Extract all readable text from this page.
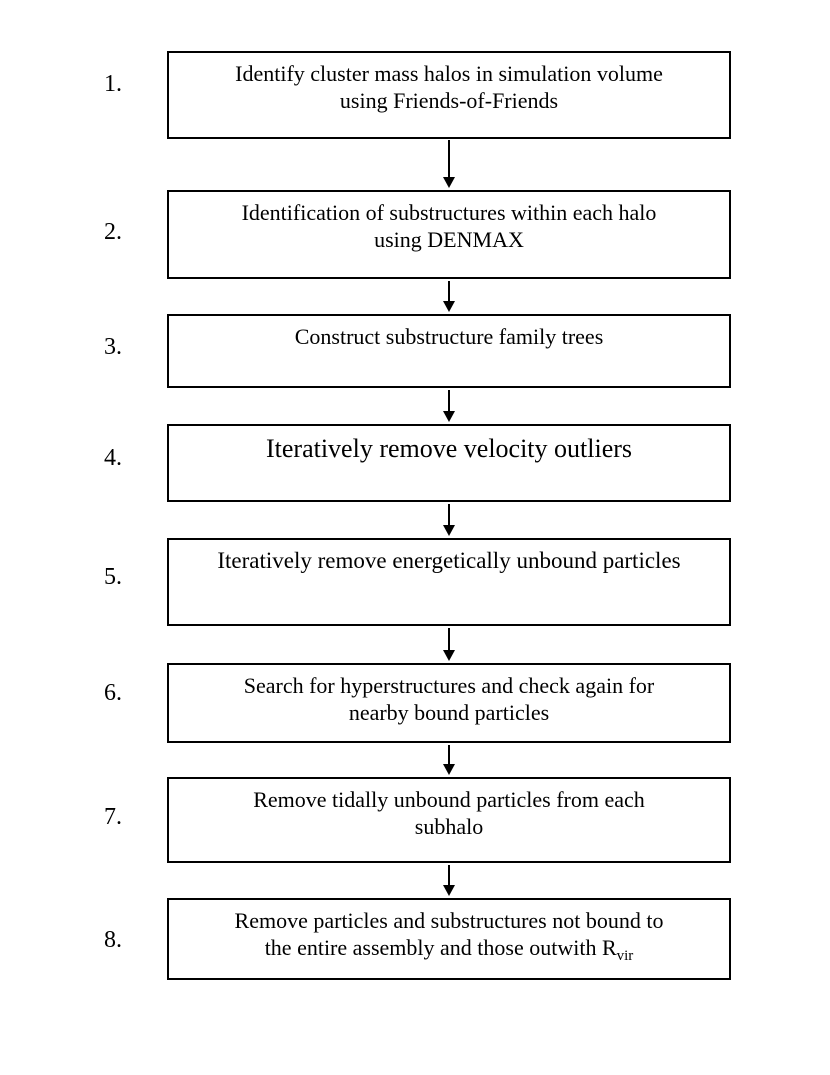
1.	Identify cluster mass halos in simulation volume
using Friends-of-Friends
2.
Identification of substructures within each halo
using DENMAX
3.	Construct substructure family trees
4.	Iteratively remove velocity outliers
5.
Iteratively remove energetically unbound particles
6.	Search for hyperstructures and check again for
nearby bound particles
7.
Remove tidally unbound particles from each
subhalo
8.
Remove particles and substructures not bound to
the entire assembly and those outwith $R_{vir}$
